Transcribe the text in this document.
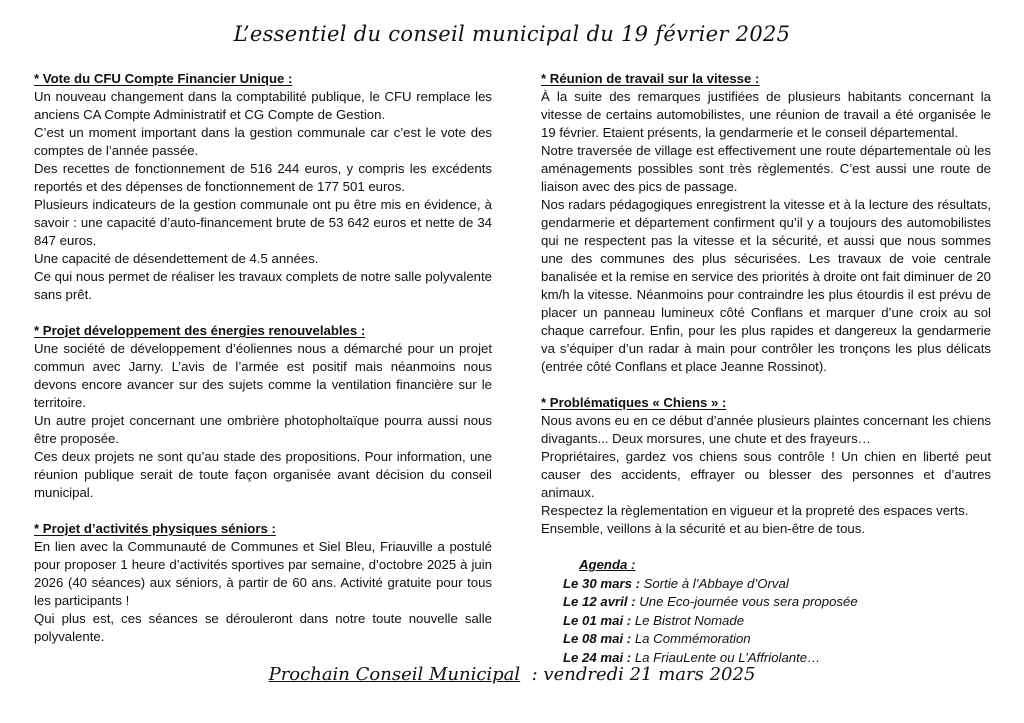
L’essentiel du conseil municipal du 19 février 2025

* Vote du CFU Compte Financier Unique :

Un nouveau changement dans la comptabilité publique, le CFU remplace les anciens CA Compte Administratif et CG Compte de Gestion.

C’est un moment important dans la gestion communale car c’est le vote des comptes de l’année passée.

Des recettes de fonctionnement de 516 244 euros, y compris les excédents reportés et des dépenses de fonctionnement de 177 501 euros.

Plusieurs indicateurs de la gestion communale ont pu être mis en évidence, à savoir : une capacité d’auto-financement brute de 53 642 euros et nette de 34 847 euros.

Une capacité de désendettement de 4.5 années.

Ce qui nous permet de réaliser les travaux complets de notre salle polyvalente sans prêt.

* Projet développement des énergies renouvelables :

Une société de développement d’éoliennes nous a démarché pour un projet commun avec Jarny. L’avis de l’armée est positif mais néanmoins nous devons encore avancer sur des sujets comme la ventilation financière sur le territoire.

Un autre projet concernant une ombrière photopholtaïque pourra aussi nous être proposée.

Ces deux projets ne sont qu’au stade des propositions. Pour information, une réunion publique serait de toute façon organisée avant décision du conseil municipal.

* Projet d’activités physiques séniors :

En lien avec la Communauté de Communes et Siel Bleu, Friauville a postulé pour proposer 1 heure d’activités sportives par semaine, d’octobre 2025 à juin 2026 (40 séances) aux séniors, à partir de 60 ans. Activité gratuite pour tous les participants !

Qui plus est, ces séances se dérouleront dans notre toute nouvelle salle polyvalente.

* Réunion de travail sur la vitesse :

À la suite des remarques justifiées de plusieurs habitants concernant la vitesse de certains automobilistes, une réunion de travail a été organisée le 19 février. Etaient présents, la gendarmerie et le conseil départemental.

Notre traversée de village est effectivement une route départementale où les aménagements possibles sont très règlementés. C’est aussi une route de liaison avec des pics de passage.

Nos radars pédagogiques enregistrent la vitesse et à la lecture des résultats, gendarmerie et département confirment qu’il y a toujours des automobilistes qui ne respectent pas la vitesse et la sécurité, et aussi que nous sommes une des communes des plus sécurisées. Les travaux de voie centrale banalisée et la remise en service des priorités à droite ont fait diminuer de 20 km/h la vitesse. Néanmoins pour contraindre les plus étourdis il est prévu de placer un panneau lumineux côté Conflans et marquer d’une croix au sol chaque carrefour. Enfin, pour les plus rapides et dangereux la gendarmerie va s’équiper d’un radar à main pour contrôler les tronçons les plus délicats (entrée côté Conflans et place Jeanne Rossinot).

* Problématiques « Chiens » :

Nous avons eu en ce début d’année plusieurs plaintes concernant les chiens divagants... Deux morsures, une chute et des frayeurs…

Propriétaires, gardez vos chiens sous contrôle ! Un chien en liberté peut causer des accidents, effrayer ou blesser des personnes et d’autres animaux.

Respectez la règlementation en vigueur et la propreté des espaces verts.

Ensemble, veillons à la sécurité et au bien-être de tous.

Agenda :
Le 30 mars : Sortie à l’Abbaye d’Orval
Le 12 avril : Une Eco-journée vous sera proposée
Le 01 mai : Le Bistrot Nomade
Le 08 mai : La Commémoration
Le 24 mai : La FriauLente ou L’Affriolante…
Prochain Conseil Municipal  : vendredi 21 mars 2025
